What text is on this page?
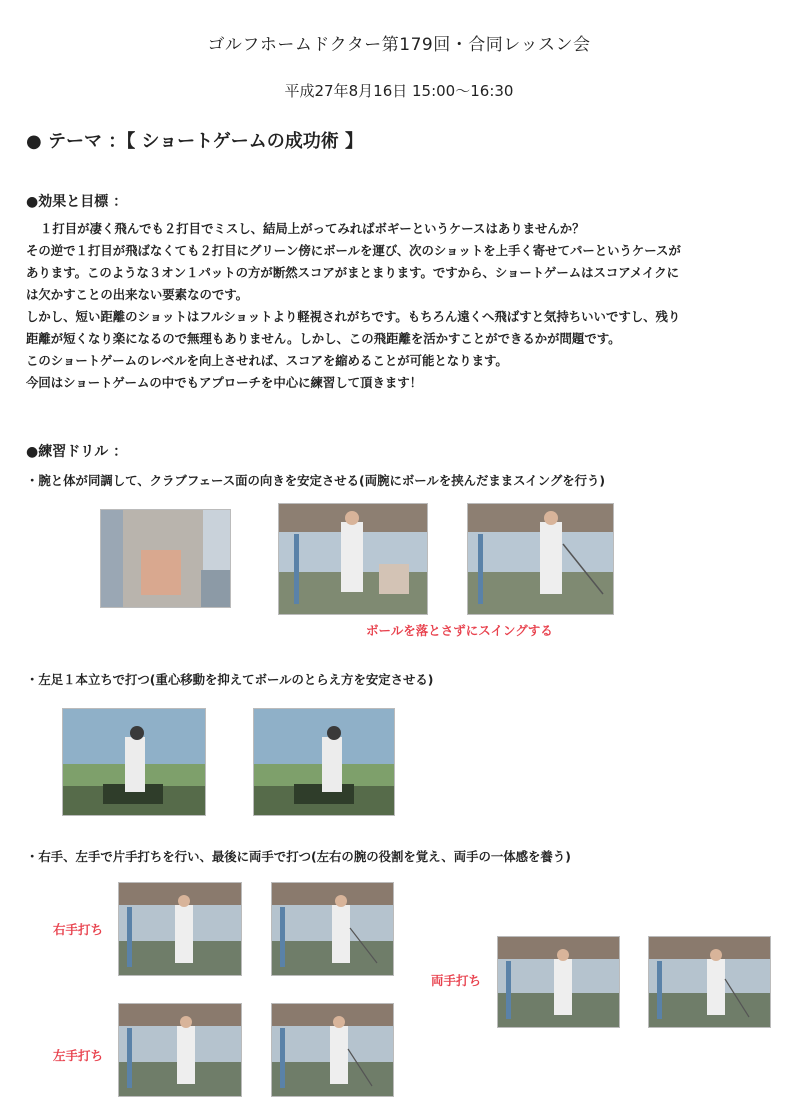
ゴルフホームドクター第179回・合同レッスン会
平成27年8月16日 15:00〜16:30
● テーマ ：【 ショートゲームの成功術 】
●効果と目標 ：

１打目が凄く飛んでも２打目でミスし、結局上がってみればボギーというケースはありませんか？

その逆で１打目が飛ばなくても２打目にグリーン傍にボールを運び、次のショットを上手く寄せてパーというケースが

あります。このような３オン１パットの方が断然スコアがまとまります。ですから、ショートゲームはスコアメイクに

は欠かすことの出来ない要素なのです。

しかし、短い距離のショットはフルショットより軽視されがちです。もちろん遠くへ飛ばすと気持ちいいですし、残り

距離が短くなり楽になるので無理もありません。しかし、この飛距離を活かすことができるかが問題です。

このショートゲームのレベルを向上させれば、スコアを縮めることが可能となります。

今回はショートゲームの中でもアプローチを中心に練習して頂きます！

●練習ドリル ：
・腕と体が同調して、クラブフェース面の向きを安定させる(両腕にボールを挟んだままスイングを行う)
ボールを落とさずにスイングする
・左足１本立ちで打つ(重心移動を抑えてボールのとらえ方を安定させる)
・右手、左手で片手打ちを行い、最後に両手で打つ(左右の腕の役割を覚え、両手の一体感を養う)
右手打ち
左手打ち
両手打ち
